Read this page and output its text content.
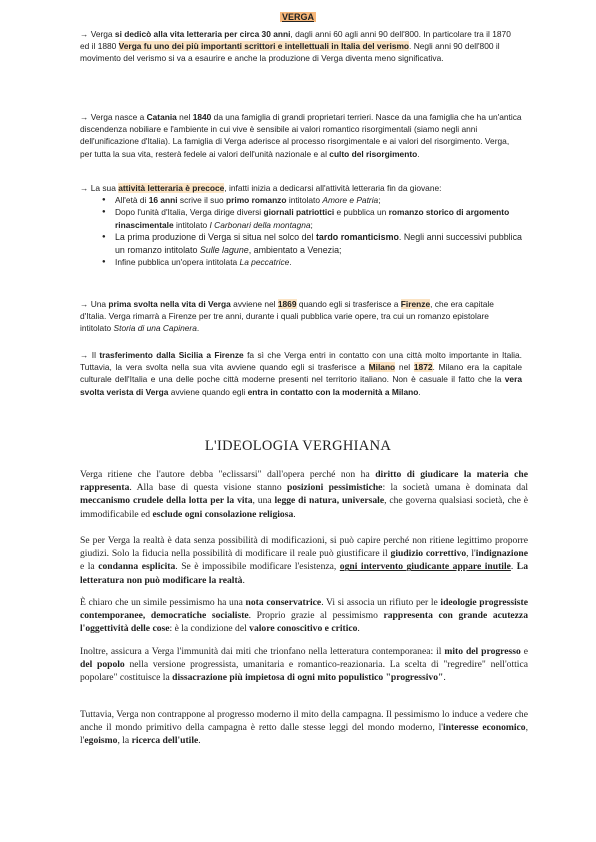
VERGA

→ Verga si dedicò alla vita letteraria per circa 30 anni, dagli anni 60 agli anni 90 dell'800. In particolare tra il 1870 ed il 1880 Verga fu uno dei più importanti scrittori e intellettuali in Italia del verismo. Negli anni 90 dell'800 il movimento del verismo si va a esaurire e anche la produzione di Verga diventa meno significativa.

→ Verga nasce a Catania nel 1840 da una famiglia di grandi proprietari terrieri. Nasce da una famiglia che ha un'antica discendenza nobiliare e l'ambiente in cui vive è sensibile ai valori romantico risorgimentali (siamo negli anni dell'unificazione d'Italia). La famiglia di Verga aderisce al processo risorgimentale e ai valori del risorgimento. Verga, per tutta la sua vita, resterà fedele ai valori dell'unità nazionale e al culto del risorgimento.

→ La sua attività letteraria è precoce, infatti inizia a dedicarsi all'attività letteraria fin da giovane:

● All'età di 16 anni scrive il suo primo romanzo intitolato Amore e Patria;
● Dopo l'unità d'Italia, Verga dirige diversi giornali patriottici e pubblica un romanzo storico di argomento rinascimentale intitolato I Carbonari della montagna;
● La prima produzione di Verga si situa nel solco del tardo romanticismo. Negli anni successivi pubblica un romanzo intitolato Sulle lagune, ambientato a Venezia;
● Infine pubblica un'opera intitolata La peccatrice.

→ Una prima svolta nella vita di Verga avviene nel 1869 quando egli si trasferisce a Firenze, che era capitale d'Italia. Verga rimarrà a Firenze per tre anni, durante i quali pubblica varie opere, tra cui un romanzo epistolare intitolato Storia di una Capinera.

→ Il trasferimento dalla Sicilia a Firenze fa sì che Verga entri in contatto con una città molto importante in Italia. Tuttavia, la vera svolta nella sua vita avviene quando egli si trasferisce a Milano nel 1872. Milano era la capitale culturale dell'Italia e una delle poche città moderne presenti nel territorio italiano. Non è casuale il fatto che la vera svolta verista di Verga avviene quando egli entra in contatto con la modernità a Milano.

L'IDEOLOGIA VERGHIANA

Verga ritiene che l'autore debba "eclissarsi" dall'opera perché non ha diritto di giudicare la materia che rappresenta. Alla base di questa visione stanno posizioni pessimistiche: la società umana è dominata dal meccanismo crudele della lotta per la vita, una legge di natura, universale, che governa qualsiasi società, che è immodificabile ed esclude ogni consolazione religiosa.

Se per Verga la realtà è data senza possibilità di modificazioni, si può capire perché non ritiene legittimo proporre giudizi. Solo la fiducia nella possibilità di modificare il reale può giustificare il giudizio correttivo, l'indignazione e la condanna esplicita. Se è impossibile modificare l'esistenza, ogni intervento giudicante appare inutile. La letteratura non può modificare la realtà.

È chiaro che un simile pessimismo ha una nota conservatrice. Vi si associa un rifiuto per le ideologie progressiste contemporanee, democratiche socialiste. Proprio grazie al pessimismo rappresenta con grande acutezza l'oggettività delle cose: è la condizione del valore conoscitivo e critico.

Inoltre, assicura a Verga l'immunità dai miti che trionfano nella letteratura contemporanea: il mito del progresso e del popolo nella versione progressista, umanitaria e romantico-reazionaria. La scelta di "regredire" nell'ottica popolare" costituisce la dissacrazione più impietosa di ogni mito populistico "progressivo".

Tuttavia, Verga non contrappone al progresso moderno il mito della campagna. Il pessimismo lo induce a vedere che anche il mondo primitivo della campagna è retto dalle stesse leggi del mondo moderno, l'interesse economico, l'egoismo, la ricerca dell'utile.
